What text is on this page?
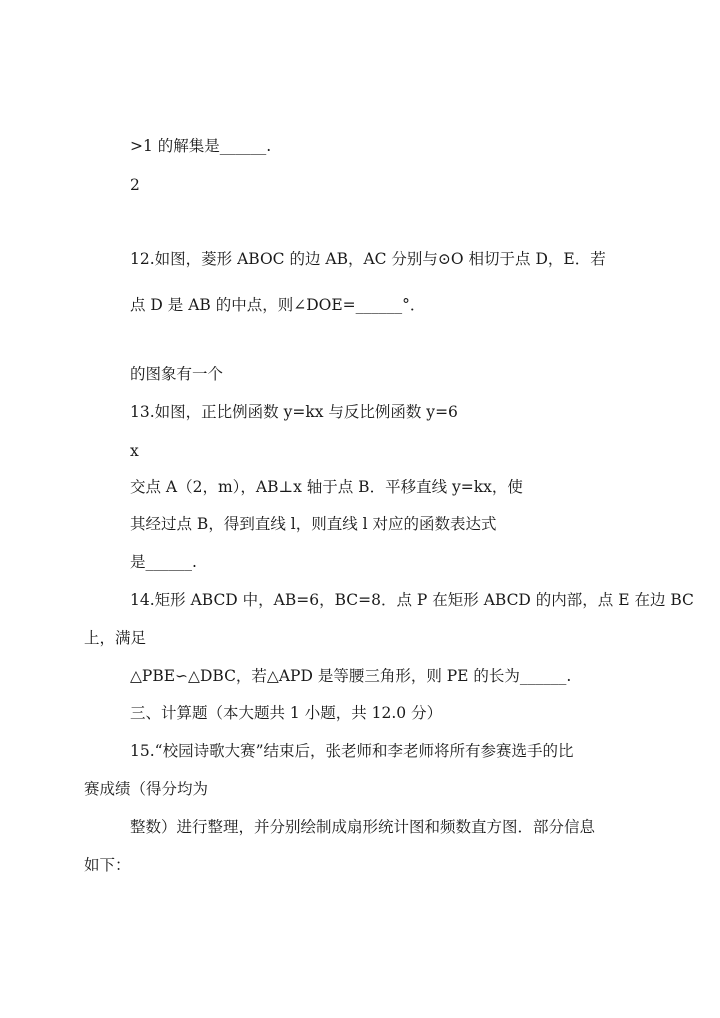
>1 的解集是______.
2
12.如图，菱形 ABOC 的边 AB，AC 分别与⊙O 相切于点 D，E．若
点 D 是 AB 的中点，则∠DOE=______°．
的图象有一个
13.如图，正比例函数 y=kx 与反比例函数 y=6
x
交点 A（2，m），AB⊥x 轴于点 B．平移直线 y=kx，使
其经过点 B，得到直线 l，则直线 l 对应的函数表达式
是______.
14.矩形 ABCD 中，AB=6，BC=8．点 P 在矩形 ABCD 的内部，点 E 在边 BC
上，满足
△PBE∽△DBC，若△APD 是等腰三角形，则 PE 的长为______.
三、计算题（本大题共 1 小题，共 12.0 分）
15.“校园诗歌大赛”结束后，张老师和李老师将所有参赛选手的比
赛成绩（得分均为
整数）进行整理，并分别绘制成扇形统计图和频数直方图．部分信息
如下：
